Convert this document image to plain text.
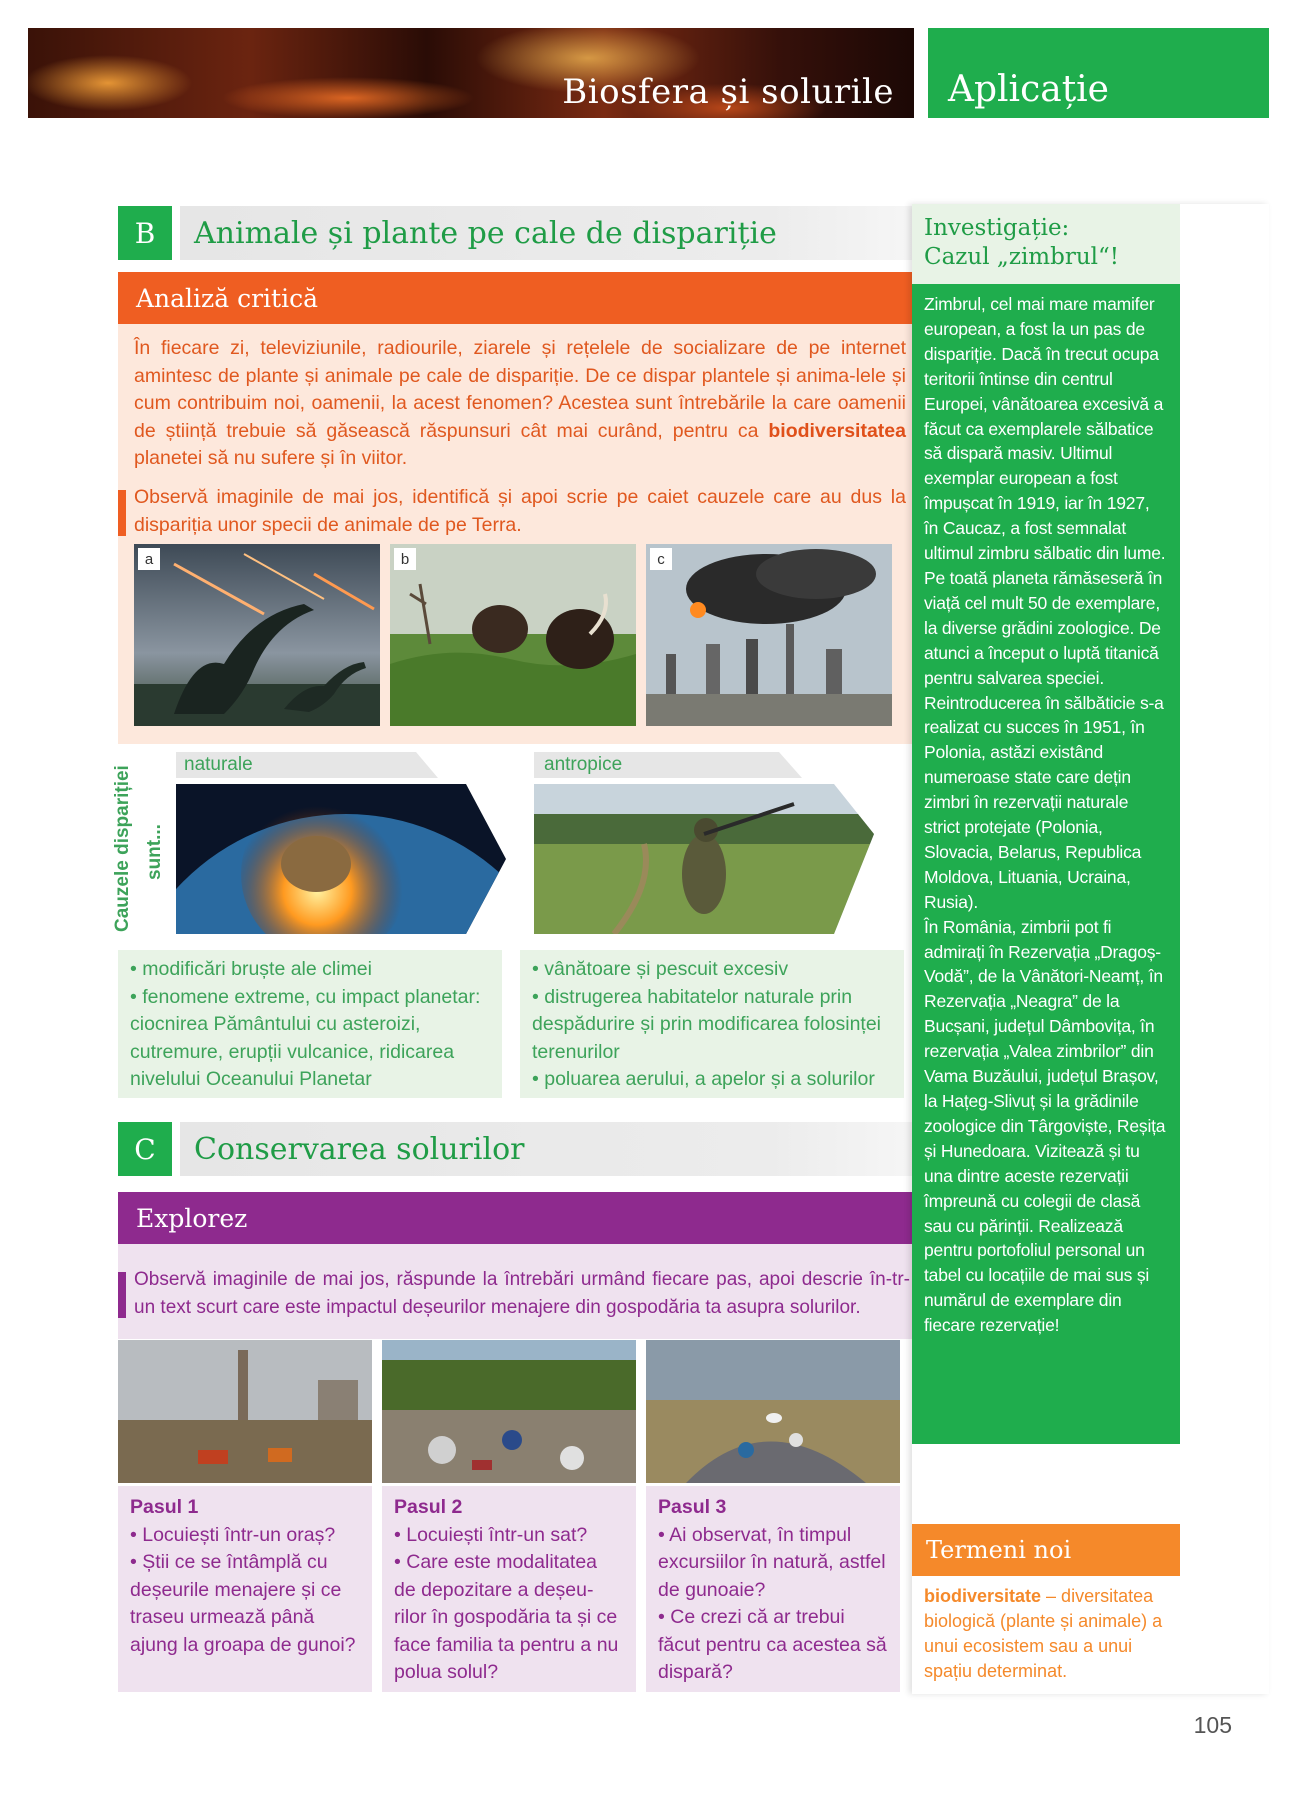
Biosfera și solurile Aplicație
B	Animale și plante pe cale de dispariție
Analiză critică
În fiecare zi, televiziunile, radiourile, ziarele și rețelele de socializare de pe internet amintesc de plante și animale pe cale de dispariție. De ce dispar plantele și anima-lele și cum contribuim noi, oamenii, la acest fenomen? Acestea sunt întrebările la care oamenii de știință trebuie să găsească răspunsuri cât mai curând, pentru ca biodiversitatea planetei să nu sufere și în viitor.
Observă imaginile de mai jos, identifică și apoi scrie pe caiet cauzele care au dus la dispariția unor specii de animale de pe Terra.
a	b	c
Cauzele dispariției sunt...
naturale	antropice
• modificări bruște ale climei
• fenomene extreme, cu impact planetar: ciocnirea Pământului cu asteroizi, cutremure, erupții vulcanice, ridicarea nivelului Oceanului Planetar
• vânătoare și pescuit excesiv
• distrugerea habitatelor naturale prin despădurire și prin modificarea folosinței terenurilor
• poluarea aerului, a apelor și a solurilor
C	Conservarea solurilor
Explorez
Observă imaginile de mai jos, răspunde la întrebări urmând fiecare pas, apoi descrie în-tr-un text scurt care este impactul deșeurilor menajere din gospodăria ta asupra solurilor.
Pasul 1
• Locuiești într-un oraș?
• Știi ce se întâmplă cu deșeurile menajere și ce traseu urmează până ajung la groapa de gunoi?
Pasul 2
• Locuiești într-un sat?
• Care este modalitatea de depozitare a deșeu-rilor în gospodăria ta și ce face familia ta pentru a nu polua solul?
Pasul 3
• Ai observat, în timpul excursiilor în natură, astfel de gunoaie?
• Ce crezi că ar trebui făcut pentru ca acestea să dispară?
Investigație:
Cazul „zimbrul“!
Zimbrul, cel mai mare mamifer european, a fost la un pas de dispariție. Dacă în trecut ocupa teritorii întinse din centrul Europei, vânătoarea excesivă a făcut ca exemplarele sălbatice să dispară masiv. Ultimul exemplar european a fost împușcat în 1919, iar în 1927, în Caucaz, a fost semnalat ultimul zimbru sălbatic din lume. Pe toată planeta rămăseseră în viață cel mult 50 de exemplare, la diverse grădini zoologice. De atunci a început o luptă titanică pentru salvarea speciei. Reintroducerea în sălbăticie s-a realizat cu succes în 1951, în Polonia, astăzi existând numeroase state care dețin zimbri în rezervații naturale strict protejate (Polonia, Slovacia, Belarus, Republica Moldova, Lituania, Ucraina, Rusia).
În România, zimbrii pot fi admirați în Rezervația „Dragoș-Vodă”, de la Vânători-Neamț, în Rezervația „Neagra” de la Bucșani, județul Dâmbovița, în rezervația „Valea zimbrilor” din Vama Buzăului, județul Brașov, la Hațeg-Slivuț și la grădinile zoologice din Târgoviște, Reșița și Hunedoara. Vizitează și tu una dintre aceste rezervații împreună cu colegii de clasă sau cu părinții. Realizează pentru portofoliul personal un tabel cu locațiile de mai sus și numărul de exemplare din fiecare rezervație!
Termeni noi
biodiversitate – diversitatea biologică (plante și animale) a unui ecosistem sau a unui spațiu determinat.
105
